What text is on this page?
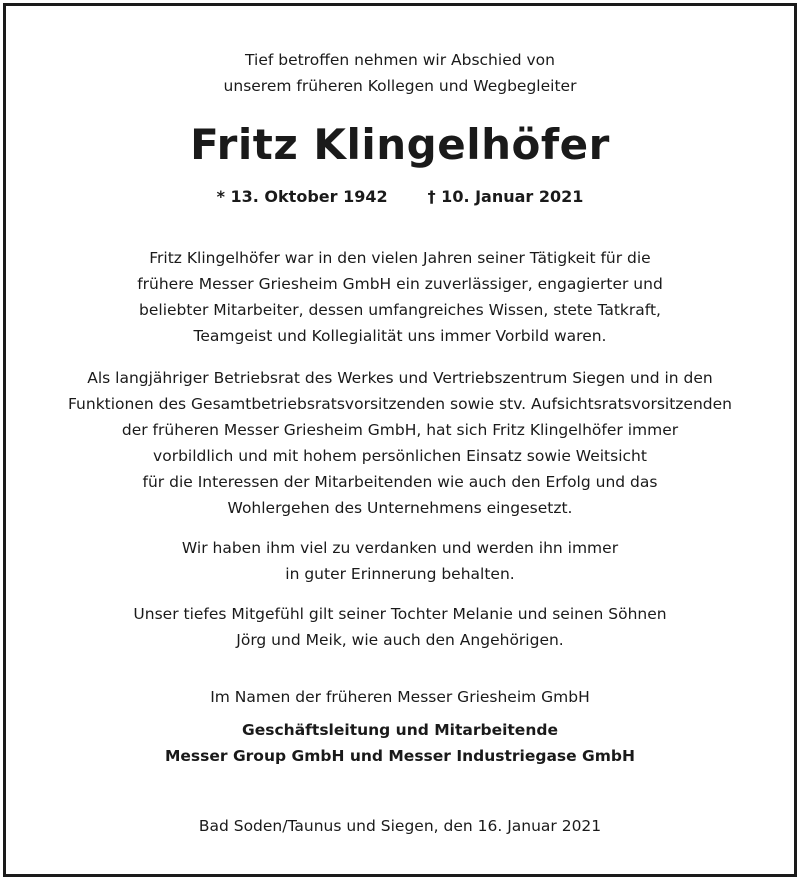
Tief betroffen nehmen wir Abschied von
unserem früheren Kollegen und Wegbegleiter
Fritz Klingelhöfer
* 13. Oktober 1942	† 10. Januar 2021
Fritz Klingelhöfer war in den vielen Jahren seiner Tätigkeit für die
frühere Messer Griesheim GmbH ein zuverlässiger, engagierter und
beliebter Mitarbeiter, dessen umfangreiches Wissen, stete Tatkraft,
Teamgeist und Kollegialität uns immer Vorbild waren.
Als langjähriger Betriebsrat des Werkes und Vertriebszentrum Siegen und in den
Funktionen des Gesamtbetriebsratsvorsitzenden sowie stv. Aufsichtsratsvorsitzenden
der früheren Messer Griesheim GmbH, hat sich Fritz Klingelhöfer immer
vorbildlich und mit hohem persönlichen Einsatz sowie Weitsicht
für die Interessen der Mitarbeitenden wie auch den Erfolg und das
Wohlergehen des Unternehmens eingesetzt.
Wir haben ihm viel zu verdanken und werden ihn immer
in guter Erinnerung behalten.
Unser tiefes Mitgefühl gilt seiner Tochter Melanie und seinen Söhnen
Jörg und Meik, wie auch den Angehörigen.
Im Namen der früheren Messer Griesheim GmbH
Geschäftsleitung und Mitarbeitende
Messer Group GmbH und Messer Industriegase GmbH
Bad Soden/Taunus und Siegen, den 16. Januar 2021
